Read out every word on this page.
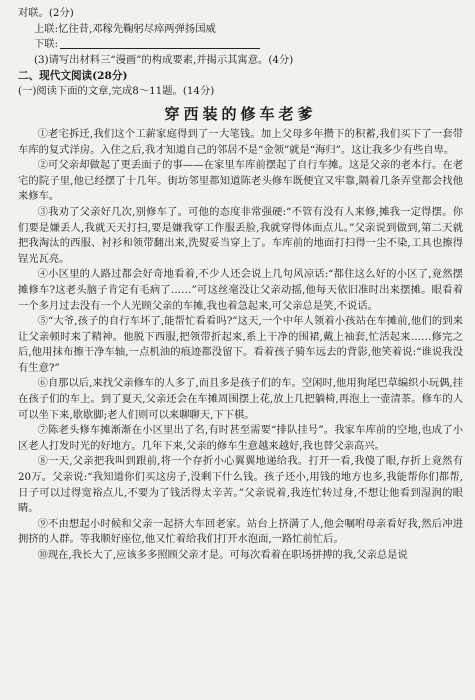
对联。(2分)
上联:忆往昔,邓稼先鞠躬尽瘁两弹扬国威
下联:
(3)请写出材料三“漫画”的构成要素,并揭示其寓意。(4分)
二、现代文阅读(28分)
(一)阅读下面的文章,完成8～11题。(14分)
穿西装的修车老爹

①老宅拆迁,我们这个工薪家庭得到了一大笔钱。加上父母多年攒下的积蓄,我们买下了一套带车库的复式洋房。入住之后,我才知道自己的邻居不是“金领”就是“海归”。这让我多少有些自卑。

②可父亲却做起了更丢面子的事——在家里车库前摆起了自行车摊。这是父亲的老本行。在老宅的院子里,他已经摆了十几年。街坊邻里都知道陈老头修车既便宜又牢靠,隔着几条弄堂都会找他来修车。

③我劝了父亲好几次,别修车了。可他的态度非常强硬:“不管有没有人来修,摊我一定得摆。你们要是嫌丢人,我就天天打扫,要是嫌我穿工作服丢脸,我就穿得体面点儿。”父亲说到做到,第二天就把我淘汰的西服、衬衫和领带翻出来,洗熨妥当穿上了。车库前的地面打扫得一尘不染,工具也擦得锃光瓦亮。

④小区里的人路过都会好奇地看着,不少人还会说上几句风凉话:“都住这么好的小区了,竟然摆摊修车?这老头脑子肯定有毛病了……”可这丝毫没让父亲动摇,他每天依旧准时出来摆摊。眼看着一个多月过去没有一个人光顾父亲的车摊,我也着急起来,可父亲总是笑,不说话。

⑤“大爷,孩子的自行车坏了,能帮忙看看吗?”这天,一个中年人领着小孩站在车摊前,他们的到来让父亲顿时来了精神。他脱下西服,把领带折起来,系上干净的围裙,戴上袖套,忙活起来……修完之后,他用抹布擦干净车轴,一点机油的痕迹都没留下。看着孩子骑车远去的背影,他笑着说:“谁说我没有生意?”

⑥自那以后,来找父亲修车的人多了,而且多是孩子们的车。空闲时,他用狗尾巴草编织小玩偶,挂在孩子们的车上。到了夏天,父亲还会在车摊周围摆上花,放上几把躺椅,再泡上一壶清茶。修车的人可以坐下来,歇歇脚;老人们则可以来聊聊天,下下棋。

⑦陈老头修车摊渐渐在小区里出了名,有时甚至需要“排队挂号”。我家车库前的空地,也成了小区老人打发时光的好地方。几年下来,父亲的修车生意越来越好,我也替父亲高兴。

⑧一天,父亲把我叫到跟前,将一个存折小心翼翼地递给我。打开一看,我傻了眼,存折上竟然有20万。父亲说:“我知道你们买这房子,没剩下什么钱。孩子还小,用钱的地方也多,我能帮你们都帮,日子可以过得宽裕点儿,不要为了钱活得太辛苦。”父亲说着,我连忙转过身,不想让他看到湿润的眼睛。

⑨不由想起小时候和父亲一起挤大车回老家。站台上挤满了人,他会嘱咐母亲看好我,然后冲进拥挤的人群。等我顺好座位,他又忙着给我们打开水泡面,一路忙前忙后。

⑩现在,我长大了,应该多多照顾父亲才是。可每次看着在职场拼搏的我,父亲总是说
